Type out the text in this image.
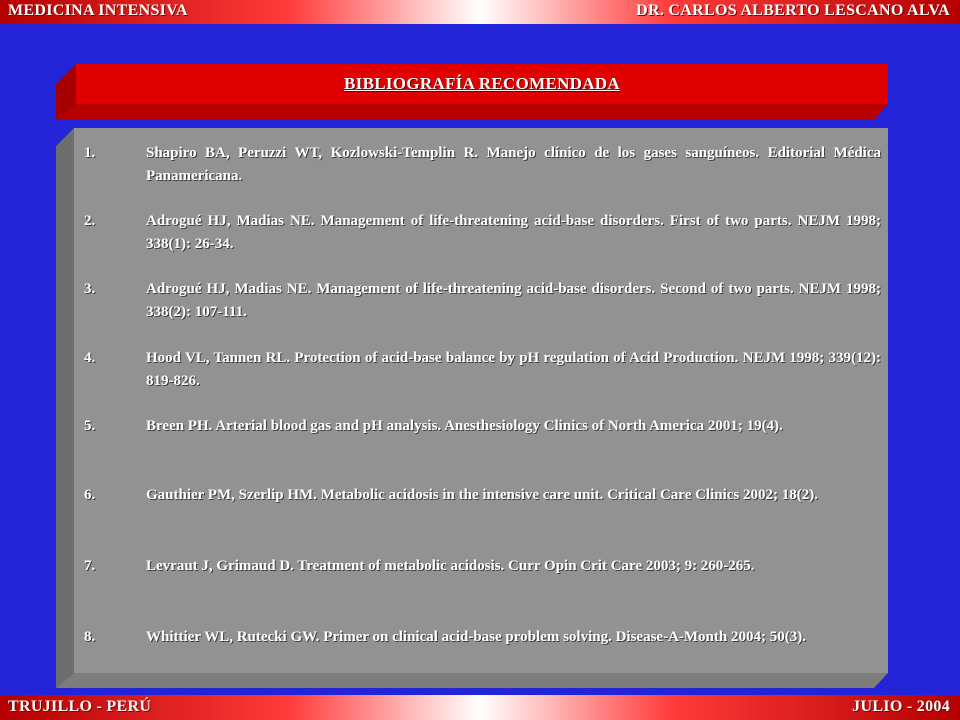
MEDICINA INTENSIVA	DR. CARLOS ALBERTO LESCANO ALVA
BIBLIOGRAFÍA RECOMENDADA
1.	Shapiro BA, Peruzzi WT, Kozlowski-Templin R. Manejo clínico de los gases sanguíneos. Editorial Médica Panamericana.
2.	Adrogué HJ, Madias NE. Management of life-threatening acid-base disorders. First of two parts. NEJM 1998; 338(1): 26-34.
3.	Adrogué HJ, Madias NE. Management of life-threatening acid-base disorders. Second of two parts. NEJM 1998; 338(2): 107-111.
4.	Hood VL, Tannen RL. Protection of acid-base balance by pH regulation of Acid Production. NEJM 1998; 339(12): 819-826.
5.	Breen PH. Arterial blood gas and pH analysis. Anesthesiology Clinics of North America 2001; 19(4).
6.	Gauthier PM, Szerlip HM. Metabolic acidosis in the intensive care unit. Critical Care Clinics 2002; 18(2).
7.	Levraut J, Grimaud D. Treatment of metabolic acidosis. Curr Opin Crit Care 2003; 9: 260-265.
8.	Whittier WL, Rutecki GW. Primer on clinical acid-base problem solving. Disease-A-Month 2004; 50(3).
TRUJILLO - PERÚ	JULIO - 2004
